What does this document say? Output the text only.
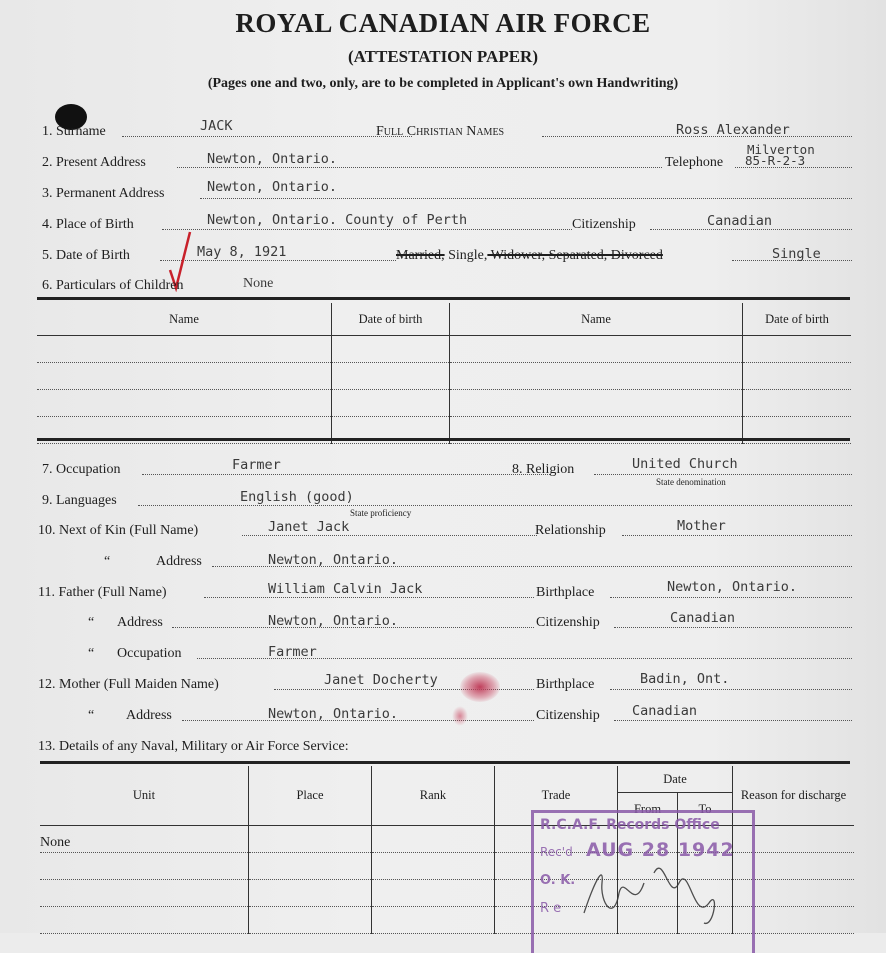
ROYAL CANADIAN AIR FORCE
(ATTESTATION PAPER)
(Pages one and two, only, are to be completed in Applicant's own Handwriting)
1. Surname	JACK	Full Christian Names	Ross Alexander
2. Present Address	Newton, Ontario.	Telephone
Milverton
85-R-2-3
3. Permanent Address	Newton, Ontario.
4. Place of Birth	Newton, Ontario. County of Perth	Citizenship	Canadian
5. Date of Birth	May 8, 1921	Married, Single, Widower, Separated, Divorced	Single
6. Particulars of Children	None
Name	Date of birth	Name	Date of birth

7. Occupation	Farmer	8. Religion	United Church
State denomination
9. Languages	English (good)
State proficiency
10. Next of Kin (Full Name)	Janet Jack	Relationship	Mother
“	Address	Newton, Ontario.
11. Father (Full Name)	William Calvin Jack	Birthplace	Newton, Ontario.
“ Address	Newton, Ontario.	Citizenship	Canadian
“ Occupation	Farmer
12. Mother (Full Maiden Name)	Janet Docherty	Birthplace	Badin, Ont.
“ Address	Newton, Ontario.	Citizenship Canadian
13. Details of any Naval, Military or Air Force Service:
Unit	Place	Rank	Trade	Date		Reason for discharge
				From	To	
None						

R.C.A.F. Records Office
Rec'd AUG 28 1942
O. K.
R e
